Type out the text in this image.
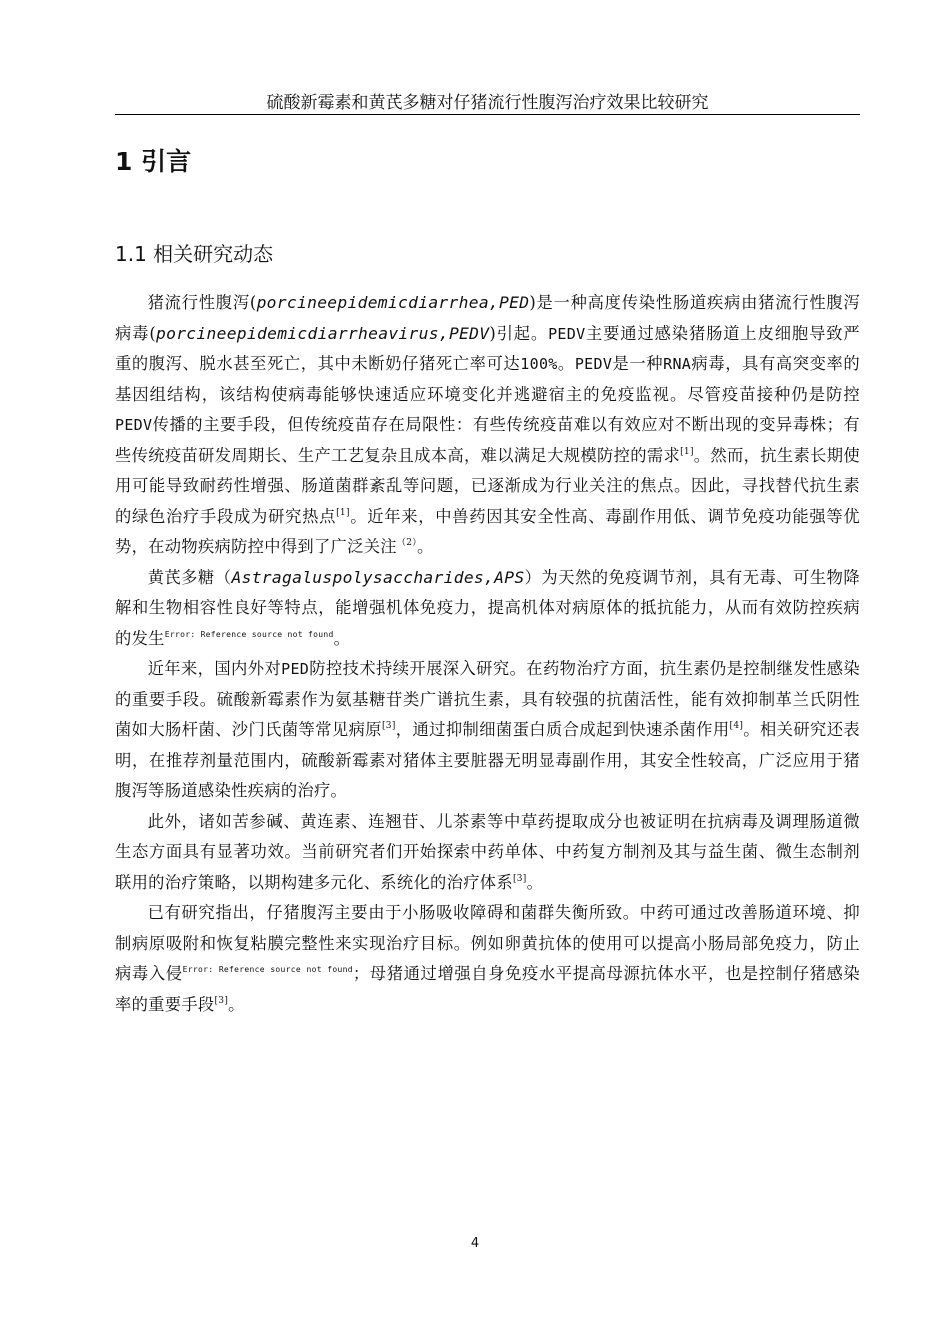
硫酸新霉素和黄芪多糖对仔猪流行性腹泻治疗效果比较研究
1 引言
1.1 相关研究动态

猪流行性腹泻(porcineepidemicdiarrhea,PED)是一种高度传染性肠道疾病由猪流行性腹泻病毒(porcineepidemicdiarrheavirus,PEDV)引起。PEDV主要通过感染猪肠道上皮细胞导致严重的腹泻、脱水甚至死亡，其中未断奶仔猪死亡率可达100%。PEDV是一种RNA病毒，具有高突变率的基因组结构，该结构使病毒能够快速适应环境变化并逃避宿主的免疫监视。尽管疫苗接种仍是防控PEDV传播的主要手段，但传统疫苗存在局限性：有些传统疫苗难以有效应对不断出现的变异毒株；有些传统疫苗研发周期长、生产工艺复杂且成本高，难以满足大规模防控的需求[1]。然而，抗生素长期使用可能导致耐药性增强、肠道菌群紊乱等问题，已逐渐成为行业关注的焦点。因此，寻找替代抗生素的绿色治疗手段成为研究热点[1]。近年来，中兽药因其安全性高、毒副作用低、调节免疫功能强等优势，在动物疾病防控中得到了广泛关注$^{(2)}$。

黄芪多糖（Astragaluspolysaccharides,APS）为天然的免疫调节剂，具有无毒、可生物降解和生物相容性良好等特点，能增强机体免疫力，提高机体对病原体的抵抗能力，从而有效防控疾病的发生$^{Error: Reference source not found}$。

近年来，国内外对PED防控技术持续开展深入研究。在药物治疗方面，抗生素仍是控制继发性感染的重要手段。硫酸新霉素作为氨基糖苷类广谱抗生素，具有较强的抗菌活性，能有效抑制革兰氏阴性菌如大肠杆菌、沙门氏菌等常见病原[3]，通过抑制细菌蛋白质合成起到快速杀菌作用[4]。相关研究还表明，在推荐剂量范围内，硫酸新霉素对猪体主要脏器无明显毒副作用，其安全性较高，广泛应用于猪腹泻等肠道感染性疾病的治疗。

此外，诸如苦参碱、黄连素、连翘苷、儿茶素等中草药提取成分也被证明在抗病毒及调理肠道微生态方面具有显著功效。当前研究者们开始探索中药单体、中药复方制剂及其与益生菌、微生态制剂联用的治疗策略，以期构建多元化、系统化的治疗体系[3]。

已有研究指出，仔猪腹泻主要由于小肠吸收障碍和菌群失衡所致。中药可通过改善肠道环境、抑制病原吸附和恢复粘膜完整性来实现治疗目标。例如卵黄抗体的使用可以提高小肠局部免疫力，防止病毒入侵$^{Error: Reference source not found}$；母猪通过增强自身免疫水平提高母源抗体水平，也是控制仔猪感染率的重要手段[3]。

4
